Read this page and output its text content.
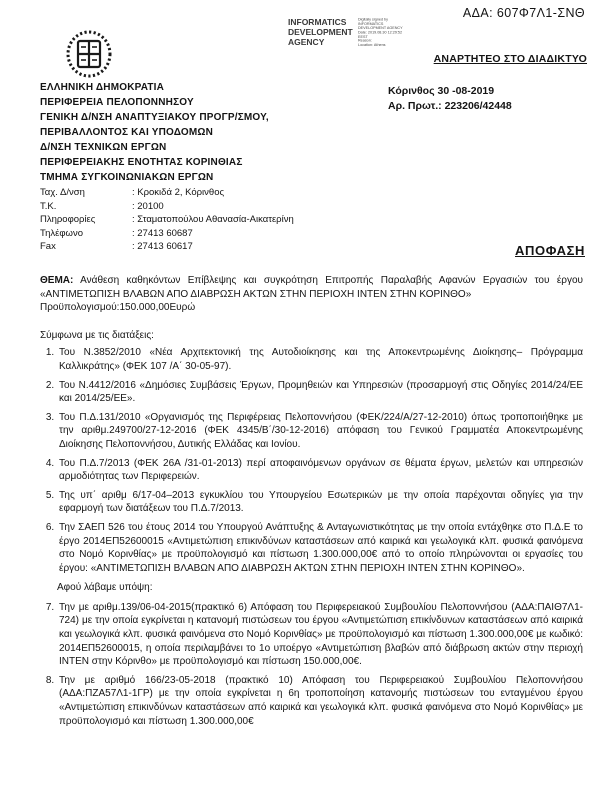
ΑΔΑ: 607Φ7Λ1-ΣΝΘ
INFORMATICS DEVELOPMENT AGENCY
Digitally signed by
INFORMATICS
DEVELOPMENT AGENCY
Date: 2019.08.30 12:29:52
EEST
Reason:
Location: Athens
ΑΝΑΡΤΗΤΕΟ ΣΤΟ ΔΙΑΔΙΚΤΥΟ
ΕΛΛΗΝΙΚΗ ΔΗΜΟΚΡΑΤΙΑ
ΠΕΡΙΦΕΡΕΙΑ ΠΕΛΟΠΟΝΝΗΣΟΥ
ΓΕΝΙΚΗ Δ/ΝΣΗ ΑΝΑΠΤΥΞΙΑΚΟΥ ΠΡΟΓΡ/ΣΜΟΥ,
ΠΕΡΙΒΑΛΛΟΝΤΟΣ ΚΑΙ ΥΠΟΔΟΜΩΝ
Δ/ΝΣΗ ΤΕΧΝΙΚΩΝ ΕΡΓΩΝ
ΠΕΡΙΦΕΡΕΙΑΚΗΣ ΕΝΟΤΗΤΑΣ ΚΟΡΙΝΘΙΑΣ
ΤΜΗΜΑ ΣΥΓΚΟΙΝΩΝΙΑΚΩΝ ΕΡΓΩΝ
Κόρινθος 30 -08-2019
Αρ. Πρωτ.: 223206/42448
Ταχ. Δ/νση	: Κροκιδά 2, Κόρινθος
Τ.Κ.	: 20100
Πληροφορίες	: Σταματοπούλου Αθανασία-Αικατερίνη
Τηλέφωνο	: 27413 60687
Fax	: 27413 60617	ΑΠΟΦΑΣΗ
ΘΕΜΑ: Ανάθεση καθηκόντων Επίβλεψης και συγκρότηση Επιτροπής Παραλαβής Αφανών Εργασιών του έργου «ΑΝΤΙΜΕΤΩΠΙΣΗ ΒΛΑΒΩΝ ΑΠΟ ΔΙΑΒΡΩΣΗ ΑΚΤΩΝ ΣΤΗΝ ΠΕΡΙΟΧΗ ΙΝΤΕΝ ΣΤΗΝ ΚΟΡΙΝΘΟ»
Προϋπολογισμού:150.000,00Ευρώ
Σύμφωνα με τις διατάξεις:
1. Του Ν.3852/2010 «Νέα Αρχιτεκτονική της Αυτοδιοίκησης και της Αποκεντρωμένης Διοίκησης– Πρόγραμμα Καλλικράτης» (ΦΕΚ 107 /Α΄ 30-05-97).
2. Του Ν.4412/2016 «Δημόσιες Συμβάσεις Έργων, Προμηθειών και Υπηρεσιών (προσαρμογή στις Οδηγίες 2014/24/ΕΕ και 2014/25/ΕΕ».
3. Του Π.Δ.131/2010 «Οργανισμός της Περιφέρειας Πελοποννήσου (ΦΕΚ/224/Α/27-12-2010) όπως τροποποιήθηκε με την αριθμ.249700/27-12-2016 (ΦΕΚ 4345/Β΄/30-12-2016) απόφαση του Γενικού Γραμματέα Αποκεντρωμένης Διοίκησης Πελοποννήσου, Δυτικής Ελλάδας και Ιονίου.
4. Του Π.Δ.7/2013 (ΦΕΚ 26Α /31-01-2013) περί αποφαινόμενων οργάνων σε θέματα έργων, μελετών και υπηρεσιών αρμοδιότητας των Περιφερειών.
5. Της υπ΄ αριθμ 6/17-04–2013 εγκυκλίου του Υπουργείου Εσωτερικών με την οποία παρέχονται οδηγίες για την εφαρμογή των διατάξεων του Π.Δ.7/2013.
6. Την ΣΑΕΠ 526 του έτους 2014 του Υπουργού Ανάπτυξης & Ανταγωνιστικότητας με την οποία εντάχθηκε στο Π.Δ.Ε το έργο 2014ΕΠ52600015 «Αντιμετώπιση επικινδύνων καταστάσεων από καιρικά και γεωλογικά κλπ. φυσικά φαινόμενα στο Νομό Κορινθίας» με προϋπολογισμό και πίστωση 1.300.000,00€ από το οποίο πληρώνονται οι εργασίες του έργου: «ΑΝΤΙΜΕΤΩΠΙΣΗ ΒΛΑΒΩΝ ΑΠΟ ΔΙΑΒΡΩΣΗ ΑΚΤΩΝ ΣΤΗΝ ΠΕΡΙΟΧΗ ΙΝΤΕΝ ΣΤΗΝ ΚΟΡΙΝΘΟ».
Αφού λάβαμε υπόψη:
7. Την με αριθμ.139/06-04-2015(πρακτικό 6) Απόφαση του Περιφερειακού Συμβουλίου Πελοποννήσου (ΑΔΑ:ΠΑΙΘ7Λ1-724) με την οποία εγκρίνεται η κατανομή πιστώσεων του έργου «Αντιμετώπιση επικίνδυνων καταστάσεων από καιρικά και γεωλογικά κλπ. φυσικά φαινόμενα στο Νομό Κορινθίας» με προϋπολογισμό και πίστωση 1.300.000,00€ με κωδικό: 2014ΕΠ52600015, η οποία περιλαμβάνει το 1ο υποέργο «Αντιμετώπιση βλαβών από διάβρωση ακτών στην περιοχή ΙΝΤΕΝ στην Κόρινθο» με προϋπολογισμό και πίστωση 150.000,00€.
8. Την με αριθμό 166/23-05-2018 (πρακτικό 10) Απόφαση του Περιφερειακού Συμβουλίου Πελοποννήσου (ΑΔΑ:ΠΖΑ57Λ1-1ΓΡ) με την οποία εγκρίνεται η 6η τροποποίηση κατανομής πιστώσεων του ενταγμένου έργου «Αντιμετώπιση επικινδύνων καταστάσεων από καιρικά και γεωλογικά κλπ. φυσικά φαινόμενα στο Νομό Κορινθίας» με προϋπολογισμό και πίστωση 1.300.000,00€
